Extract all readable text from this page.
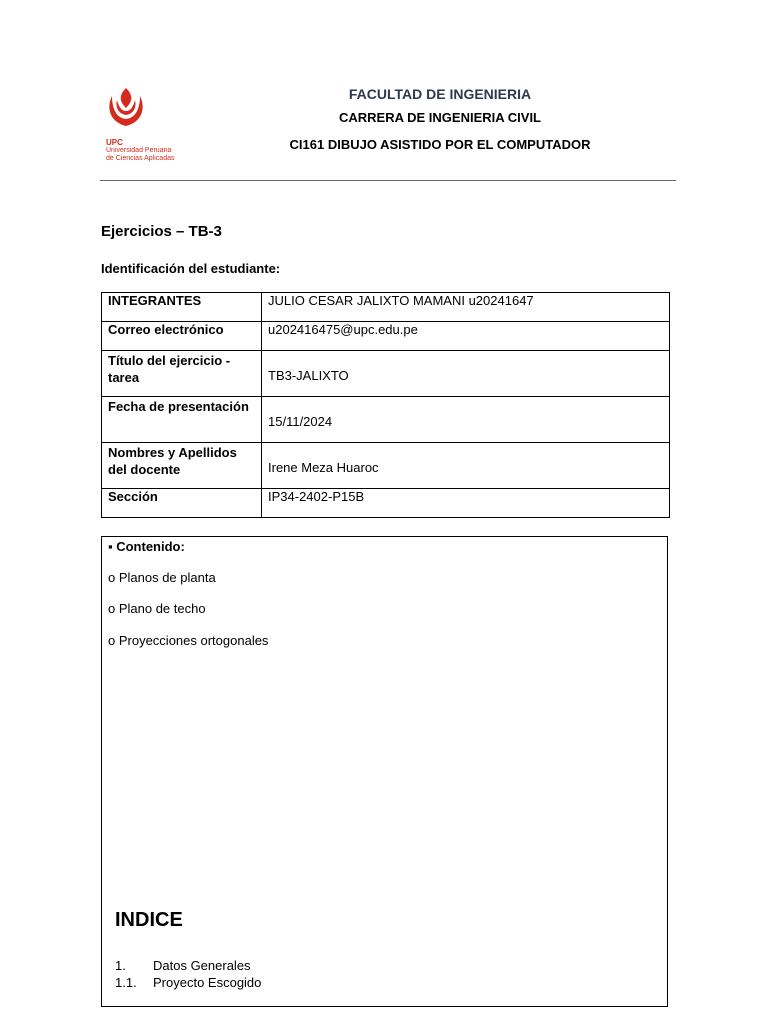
UPC
Universidad Peruana
de Ciencias Aplicadas
FACULTAD DE INGENIERIA
CARRERA DE INGENIERIA CIVIL
CI161 DIBUJO ASISTIDO POR EL COMPUTADOR
Ejercicios – TB-3
Identificación del estudiante:
INTEGRANTES	JULIO CESAR JALIXTO MAMANI u20241647
Correo electrónico	u202416475@upc.edu.pe
Título del ejercicio - tarea	TB3-JALIXTO
Fecha de presentación	15/11/2024
Nombres y Apellidos del docente	Irene Meza Huaroc
Sección	IP34-2402-P15B
▪ Contenido:
o Planos de planta
o Plano de techo
o Proyecciones ortogonales
INDICE
1. Datos Generales
1.1. Proyecto Escogido
